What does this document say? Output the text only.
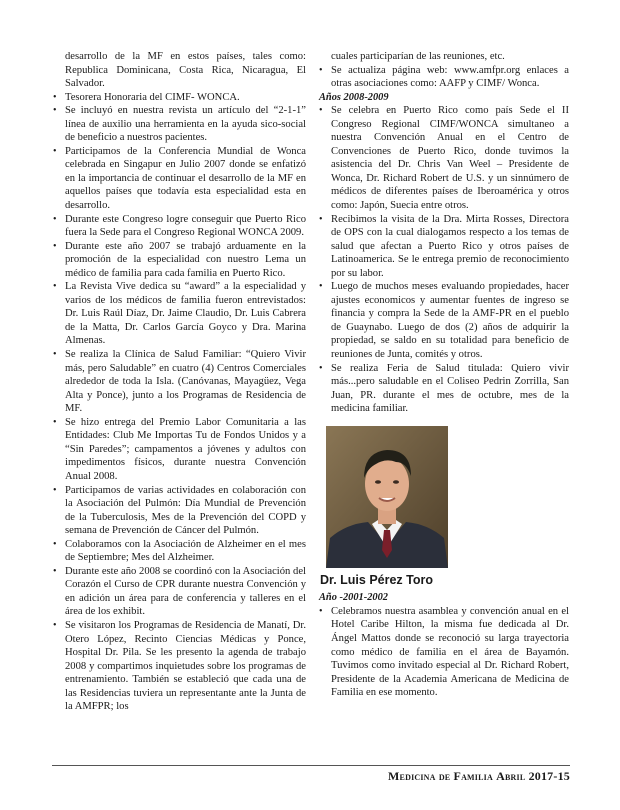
desarrollo de la MF en estos países, tales como: Republica Dominicana, Costa Rica, Nicaragua, El Salvador.
• Tesorera Honoraria del CIMF- WONCA.
• Se incluyó en nuestra revista un artículo del “2-1-1” línea de auxilio una herramienta en la ayuda sico-social de beneficio a nuestros pacientes.
• Participamos de la Conferencia Mundial de Wonca celebrada en Singapur en Julio 2007 donde se enfatizó en la importancia de continuar el desarrollo de la MF en aquellos países que todavía esta especialidad esta en desarrollo.
• Durante este Congreso logre conseguir que Puerto Rico fuera la Sede para el Congreso Regional WONCA 2009.
• Durante este año 2007 se trabajó arduamente en la promoción de la especialidad con nuestro Lema un médico de familia para cada familia en Puerto Rico.
• La Revista Vive dedica su “award” a la especialidad y varios de los médicos de familia fueron entrevistados: Dr. Luis Raúl Díaz, Dr. Jaime Claudio, Dr. Luis Cabrera de la Matta, Dr. Carlos García Goyco y Dra. Marina Almenas.
• Se realiza la Clínica de Salud Familiar: “Quiero Vivir más, pero Saludable” en cuatro (4) Centros Comerciales alrededor de toda la Isla. (Canóvanas, Mayagüez, Vega Alta y Ponce), junto a los Programas de Residencia de MF.
• Se hizo entrega del Premio Labor Comunitaria a las Entidades: Club Me Importas Tu de Fondos Unidos y a “Sin Paredes”; campamentos a jóvenes y adultos con impedimentos físicos, durante nuestra Convención Anual 2008.
• Participamos de varias actividades en colaboración con la Asociación del Pulmón: Día Mundial de Prevención de la Tuberculosis, Mes de la Prevención del COPD y semana de Prevención de Cáncer del Pulmón.
• Colaboramos con la Asociación de Alzheimer en el mes de Septiembre; Mes del Alzheimer.
• Durante este año 2008 se coordinó con la Asociación del Corazón el Curso de CPR durante nuestra Convención y en adición un área para de conferencia y talleres en el área de los exhibit.
• Se visitaron los Programas de Residencia de Manatí, Dr. Otero López, Recinto Ciencias Médicas y Ponce, Hospital Dr. Pila. Se les presento la agenda de trabajo 2008 y compartimos inquietudes sobre los programas de entrenamiento. También se estableció que cada una de las Residencias tuviera un representante ante la Junta de la AMFPR; los
cuales participarían de las reuniones, etc.
• Se actualiza página web: www.amfpr.org enlaces a otras asociaciones como: AAFP y CIMF/ Wonca.
Años 2008-2009
• Se celebra en Puerto Rico como país Sede el II Congreso Regional CIMF/WONCA simultaneo a nuestra Convención Anual en el Centro de Convenciones de Puerto Rico, donde tuvimos la asistencia del Dr. Chris Van Weel – Presidente de Wonca, Dr. Richard Robert de U.S. y un sinnúmero de médicos de diferentes países de Iberoamérica y otros como: Japón, Suecia entre otros.
• Recibimos la visita de la Dra. Mirta Rosses, Directora de OPS con la cual dialogamos respecto a los temas de salud que afectan a Puerto Rico y otros países de Latinoamerica. Se le entrega premio de reconocimiento por su labor.
• Luego de muchos meses evaluando propiedades, hacer ajustes economicos y aumentar fuentes de ingreso se financia y compra la Sede de la AMF-PR en el pueblo de Guaynabo. Luego de dos (2) años de adquirir la propiedad, se saldo en su totalidad para beneficio de reuniones de Junta, comités y otros.
• Se realiza Feria de Salud titulada: Quiero vivir más...pero saludable en el Coliseo Pedrin Zorrilla, San Juan, PR. durante el mes de octubre, mes de la medicina familiar.
Dr. Luis Pérez Toro
Año -2001-2002
• Celebramos nuestra asamblea y convención anual en el Hotel Caribe Hilton, la misma fue dedicada al Dr. Ángel Mattos donde se reconoció su larga trayectoria como médico de familia en el área de Bayamón. Tuvimos como invitado especial al Dr. Richard Robert, Presidente de la Academia Americana de Medicina de Familia en ese momento.
Medicina de Familia Abril 2017-15
